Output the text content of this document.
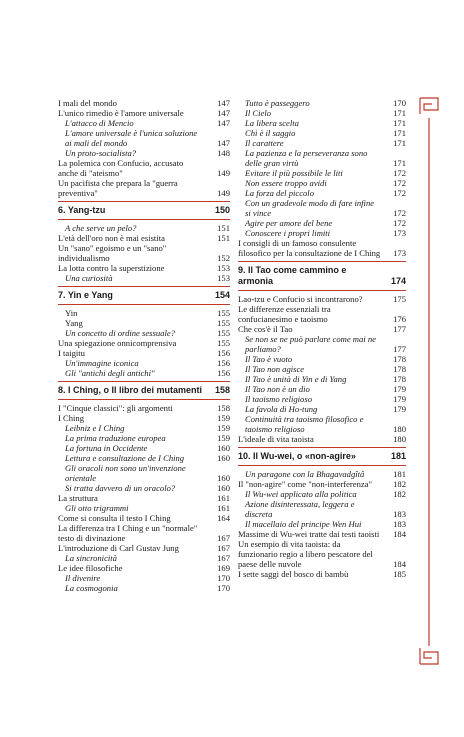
I mali del mondo	147
L'unico rimedio è l'amore universale	147
L'attacco di Mencio	147
L'amore universale è l'unica soluzione ai mali del mondo	147
Un proto-socialista?	148
La polemica con Confucio, accusato anche di "ateismo"	149
Un pacifista che prepara la "guerra preventiva"	149
6. Yang-tzu	150
A che serve un pelo?	151
L'età dell'oro non è mai esistita	151
Un "sano" egoismo e un "sano" individualismo	152
La lotta contro la superstizione	153
Una curiosità	153
7. Yin e Yang	154
Yin	155
Yang	155
Un concetto di ordine sessuale?	155
Una spiegazione onnicomprensiva	155
I taigitu	156
Un'immagine iconica	156
Gli "antichi degli antichi"	156
8. I Ching, o Il libro dei mutamenti	158
I "Cinque classici": gli argomenti	158
I Ching	159
Leibniz e I Ching	159
La prima traduzione europea	159
La fortuna in Occidente	160
Lettura e consultazione de I Ching	160
Gli oracoli non sono un'invenzione orientale	160
Si tratta davvero di un oracolo?	160
La struttura	161
Gli otto trigrammi	161
Come si consulta il testo I Ching	164
La differenza tra I Ching e un "normale" testo di divinazione	167
L'introduzione di Carl Gustav Jung	167
La sincronicità	167
Le idee filosofiche	169
Il divenire	170
La cosmogonia	170
Tutto è passeggero	170
Il Cielo	171
La libera scelta	171
Chi è il saggio	171
Il carattere	171
La pazienza e la perseveranza sono delle gran virtù	171
Evitare il più possibile le liti	172
Non essere troppo avidi	172
La forza del piccolo	172
Con un gradevole modo di fare infine si vince	172
Agire per amore del bene	172
Conoscere i propri limiti	173
I consigli di un famoso consulente filosofico per la consultazione de I Ching	173
9. Il Tao come cammino e armonia	174
Lao-tzu e Confucio si incontrarono?	175
Le differenze essenziali tra confucianesimo e taoismo	176
Che cos'è il Tao	177
Se non se ne può parlare come mai ne parliamo?	177
Il Tao è vuoto	178
Il Tao non agisce	178
Il Tao è unità di Yin e di Yang	178
Il Tao non è un dio	179
Il taoismo religioso	179
La favola di Ho-tung	179
Continuità tra taoismo filosofico e taoismo religioso	180
L'ideale di vita taoista	180
10. Il Wu-wei, o «non-agire»	181
Un paragone con la Bhagavadgîtâ	181
Il "non-agire" come "non-interferenza"	182
Il Wu-wei applicato alla politica	182
Azione disinteressata, leggera e discreta	183
Il macellaio del principe Wen Hui	183
Massime di Wu-wei tratte dai testi taoisti	184
Un esempio di vita taoista: da funzionario regio a libero pescatore del paese delle nuvole	184
I sette saggi del bosco di bambù	185
